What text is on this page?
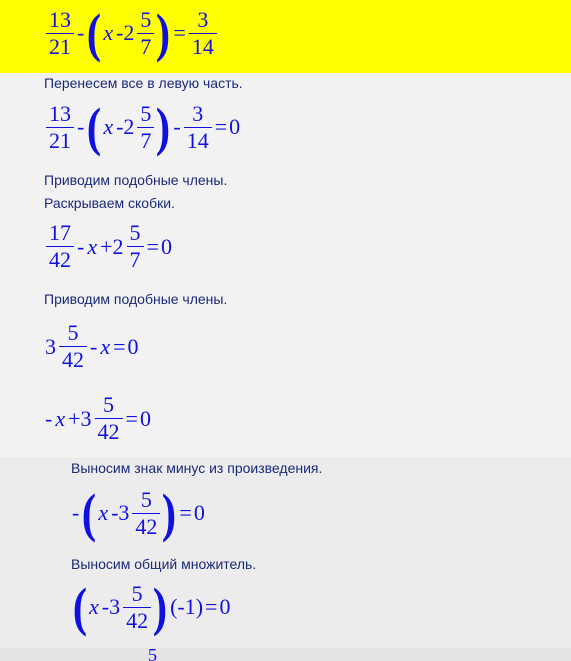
$\frac{13}{21}$ - ( x $-2 \frac{5}{7}$ ) = $\frac{3}{14}$
Перенесем все в левую часть.
$\frac{13}{21}$ - ( x $-2 \frac{5}{7}$ ) - $\frac{3}{14} = 0$
Приводим подобные члены.
Раскрываем скобки.
$\frac{17}{42} - x +2 \frac{5}{7} = 0$
Приводим подобные члены.
$3 \frac{5}{42} - x = 0$
- $x +3 \frac{5}{42} = 0$
Выносим знак минус из произведения.
- ( x $-3 \frac{5}{42}$ ) = 0
Выносим общий множитель.
( x $-3 \frac{5}{42}$ ) (-1) = 0
5
